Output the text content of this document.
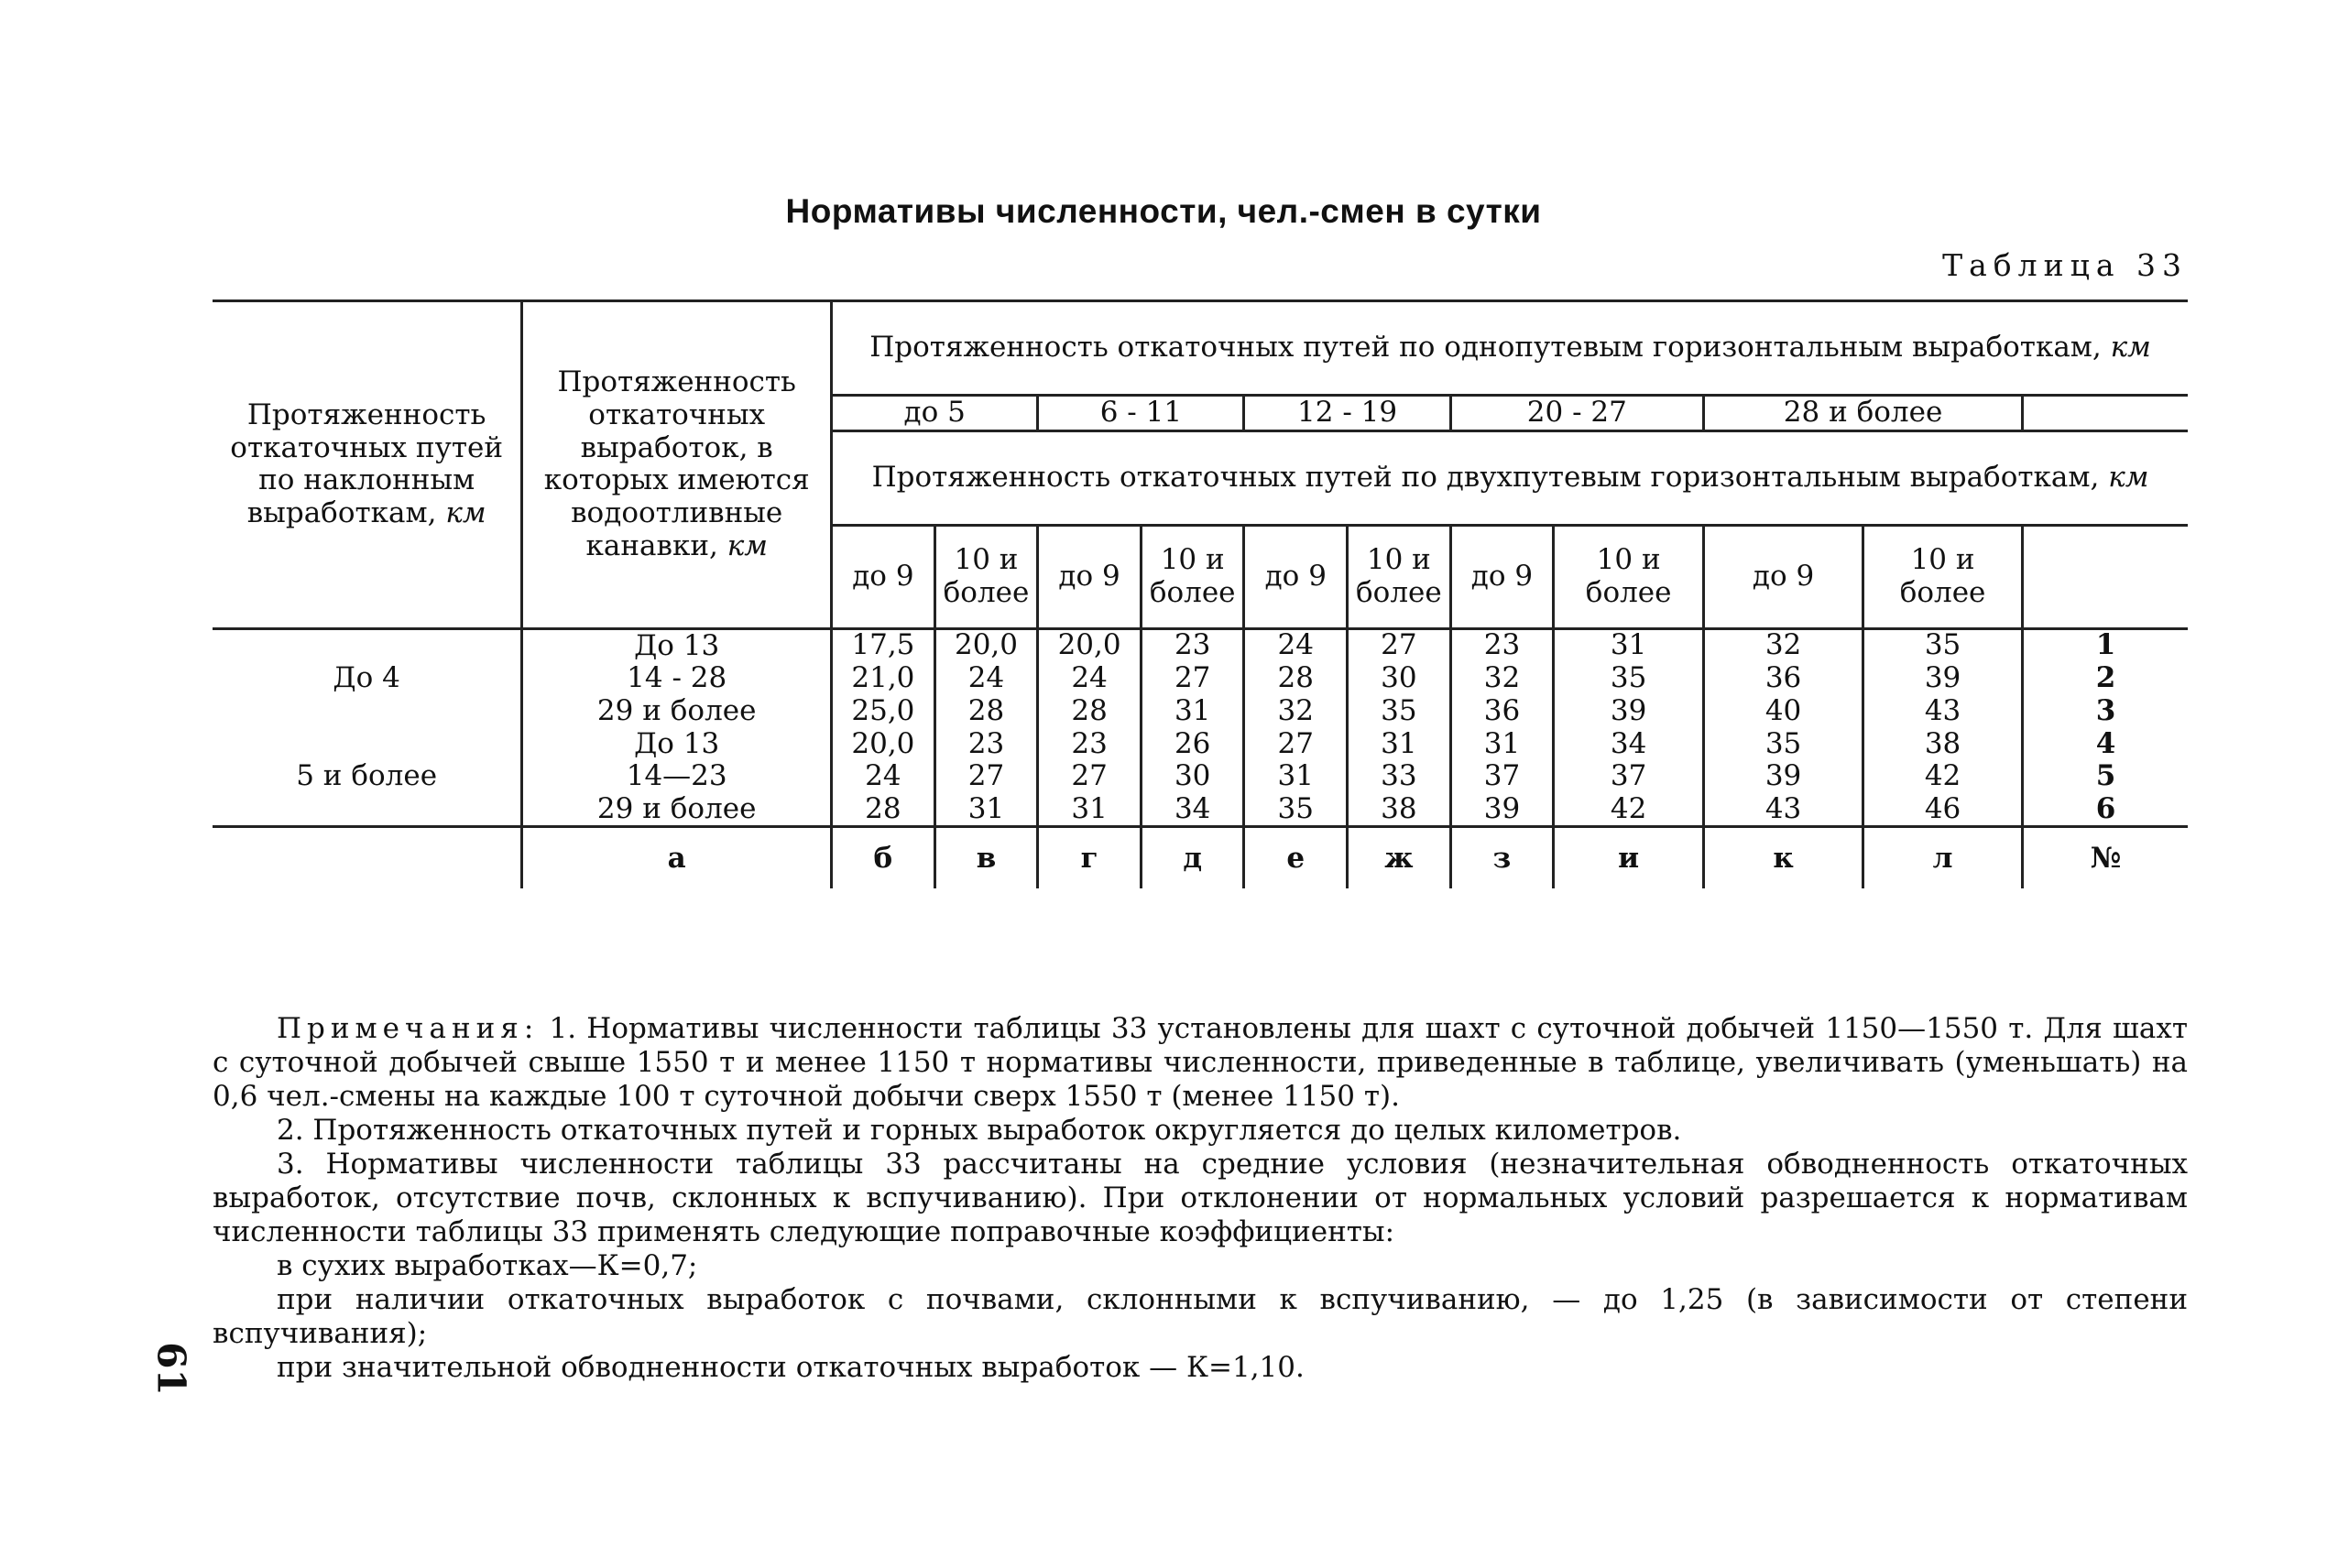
Нормативы численности, чел.-смен в сутки
Таблица 33
Протяженность откаточных путей по наклонным выработкам, км	Протяженность откаточных выработок, в которых имеются водоотливные канавки, км	Протяженность откаточных путей по однопутевым горизонтальным выработкам, км										
		до 5		6 - 11		12 - 19		20 - 27		28 и более		
		Протяженность откаточных путей по двухпутевым горизонтальным выработкам, км										
		до 9	10 и более	до 9	10 и более	до 9	10 и более	до 9	10 и более	до 9	10 и более	

	До 13	17,5	20,0	20,0	23	24	27	23	31	32	35	1
До 4	14 - 28	21,0	24	24	27	28	30	32	35	36	39	2
	29 и более	25,0	28	28	31	32	35	36	39	40	43	3
	До 13	20,0	23	23	26	27	31	31	34	35	38	4
5 и более	14—23	24	27	27	30	31	33	37	37	39	42	5
	29 и более	28	31	31	34	35	38	39	42	43	46	6
	а	б	в	г	д	е	ж	з	и	к	л	№

Примечания: 1. Нормативы численности таблицы 33 установлены для шахт с суточной добычей 1150—1550 т. Для шахт с суточной добычей свыше 1550 т и менее 1150 т нормативы численности, приведенные в таблице, увеличивать (уменьшать) на 0,6 чел.-смены на каждые 100 т суточной добычи сверх 1550 т (менее 1150 т).

2. Протяженность откаточных путей и горных выработок округляется до целых километров.

3. Нормативы численности таблицы 33 рассчитаны на средние условия (незначительная обводненность откаточных выработок, отсутствие почв, склонных к вспучиванию). При отклонении от нормальных условий разрешается к нормативам численности таблицы 33 применять следующие поправочные коэффициенты:

в сухих выработках—К=0,7;

при наличии откаточных выработок с почвами, склонными к вспучиванию, — до 1,25 (в зависимости от степени вспучивания);

при значительной обводненности откаточных выработок — К=1,10.

61
